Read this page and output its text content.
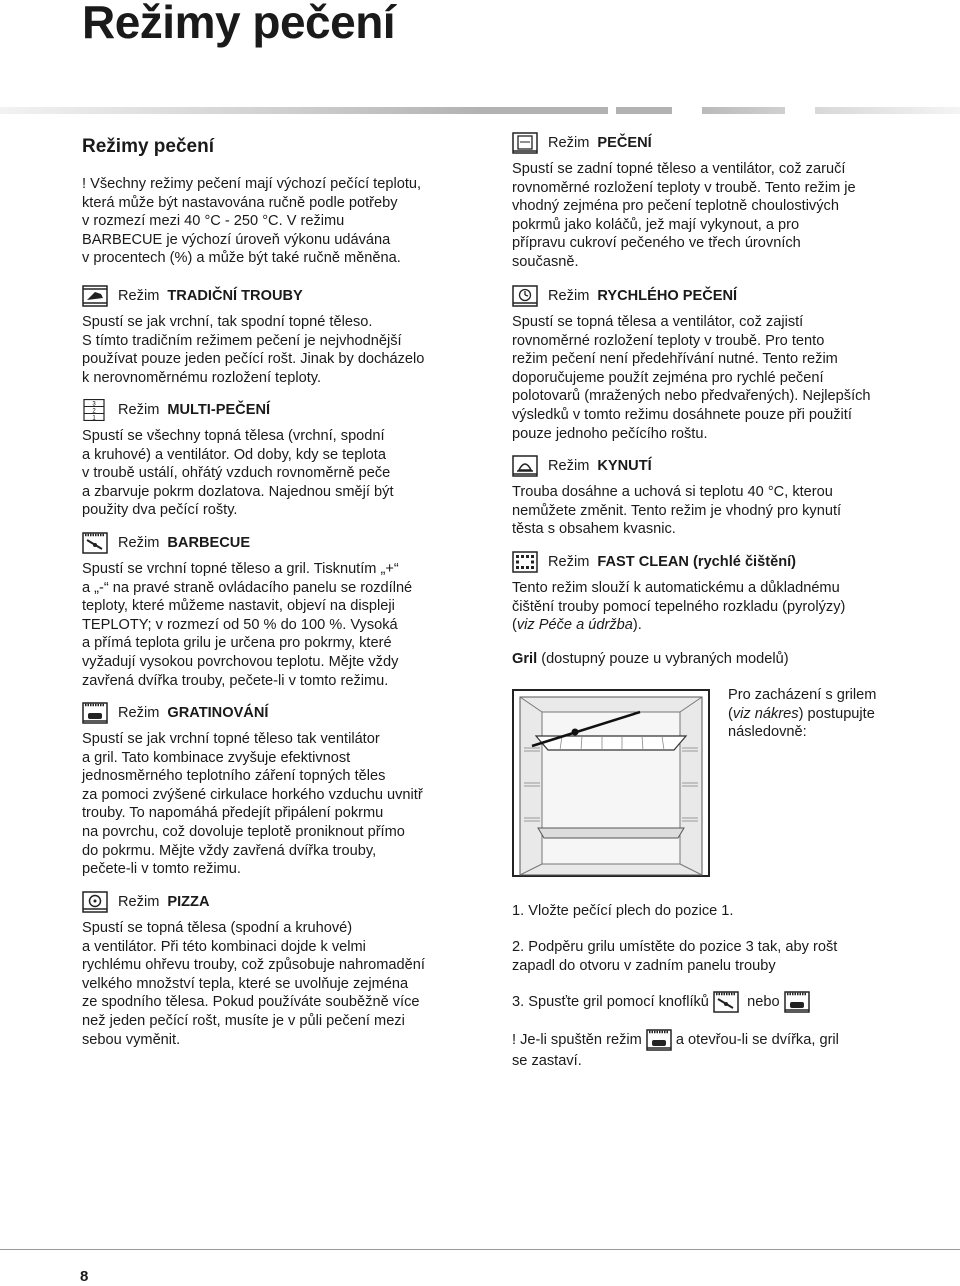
Režimy pečení
Režimy pečení

! Všechny režimy pečení mají výchozí pečící teplotu,

která může být nastavována ručně podle potřeby

v rozmezí mezi 40 °C - 250 °C. V režimu

BARBECUE je výchozí úroveň výkonu udávána

v procentech (%) a může být také ručně měněna.

Režim TRADIČNÍ TROUBY

Spustí se jak vrchní, tak spodní topné těleso.

S tímto tradičním režimem pečení je nejvhodnější

používat pouze jeden pečící rošt. Jinak by docházelo

k nerovnoměrnému rozložení teploty.

3
2
1
Režim MULTI-PEČENÍ

Spustí se všechny topná tělesa (vrchní, spodní

a kruhové) a ventilátor. Od doby, kdy se teplota

v troubě ustálí, ohřátý vzduch rovnoměrně peče

a zbarvuje pokrm dozlatova. Najednou smějí být

použity dva pečící rošty.

Režim BARBECUE

Spustí se vrchní topné těleso a gril. Tisknutím „+“

a „-“ na pravé straně ovládacího panelu se rozdílné

teploty, které můžeme nastavit, objeví na displeji

TEPLOTY; v rozmezí od 50 % do 100 %. Vysoká

a přímá teplota grilu je určena pro pokrmy, které

vyžadují vysokou povrchovou teplotu. Mějte vždy

zavřená dvířka trouby, pečete-li v tomto režimu.

Režim GRATINOVÁNÍ

Spustí se jak vrchní topné těleso tak ventilátor

a gril. Tato kombinace zvyšuje efektivnost

jednosměrného teplotního záření topných těles

za pomoci zvýšené cirkulace horkého vzduchu uvnitř

trouby. To napomáhá předejít připálení pokrmu

na povrchu, což dovoluje teplotě proniknout přímo

do pokrmu. Mějte vždy zavřená dvířka trouby,

pečete-li v tomto režimu.

Režim PIZZA

Spustí se topná tělesa (spodní a kruhové)

a ventilátor. Při této kombinaci dojde k velmi

rychlému ohřevu trouby, což způsobuje nahromadění

velkého množství tepla, které se uvolňuje zejména

ze spodního tělesa. Pokud používáte souběžně více

než jeden pečící rošt, musíte je v půli pečení mezi

sebou vyměnit.

Režim PEČENÍ

Spustí se zadní topné těleso a ventilátor, což zaručí

rovnoměrné rozložení teploty v troubě. Tento režim je

vhodný zejména pro pečení teplotně choulostivých

pokrmů jako koláčů, jež mají vykynout, a pro

přípravu cukroví pečeného ve třech úrovních

současně.

Režim RYCHLÉHO PEČENÍ

Spustí se topná tělesa a ventilátor, což zajistí

rovnoměrné rozložení teploty v troubě. Pro tento

režim pečení není předehřívání nutné. Tento režim

doporučujeme použít zejména pro rychlé pečení

polotovarů (mražených nebo předvařených). Nejlepších

výsledků v tomto režimu dosáhnete pouze při použití

pouze jednoho pečícího roštu.

Režim KYNUTÍ

Trouba dosáhne a uchová si teplotu 40 °C, kterou

nemůžete změnit. Tento režim je vhodný pro kynutí

těsta s obsahem kvasnic.

Režim FAST CLEAN (rychlé čištění)

Tento režim slouží k automatickému a důkladnému

čištění trouby pomocí tepelného rozkladu (pyrolýzy)

(viz Péče a údržba).

Gril (dostupný pouze u vybraných modelů)

Pro zacházení s grilem

(viz nákres) postupujte

následovně:

1. Vložte pečící plech do pozice 1.

2. Podpěru grilu umístěte do pozice 3 tak, aby rošt

zapadl do otvoru v zadním panelu trouby

3. Spusťte gril pomocí knoflíků	nebo

! Je-li spuštěn režim a otevřou-li se dvířka, gril

se zastaví.

8
